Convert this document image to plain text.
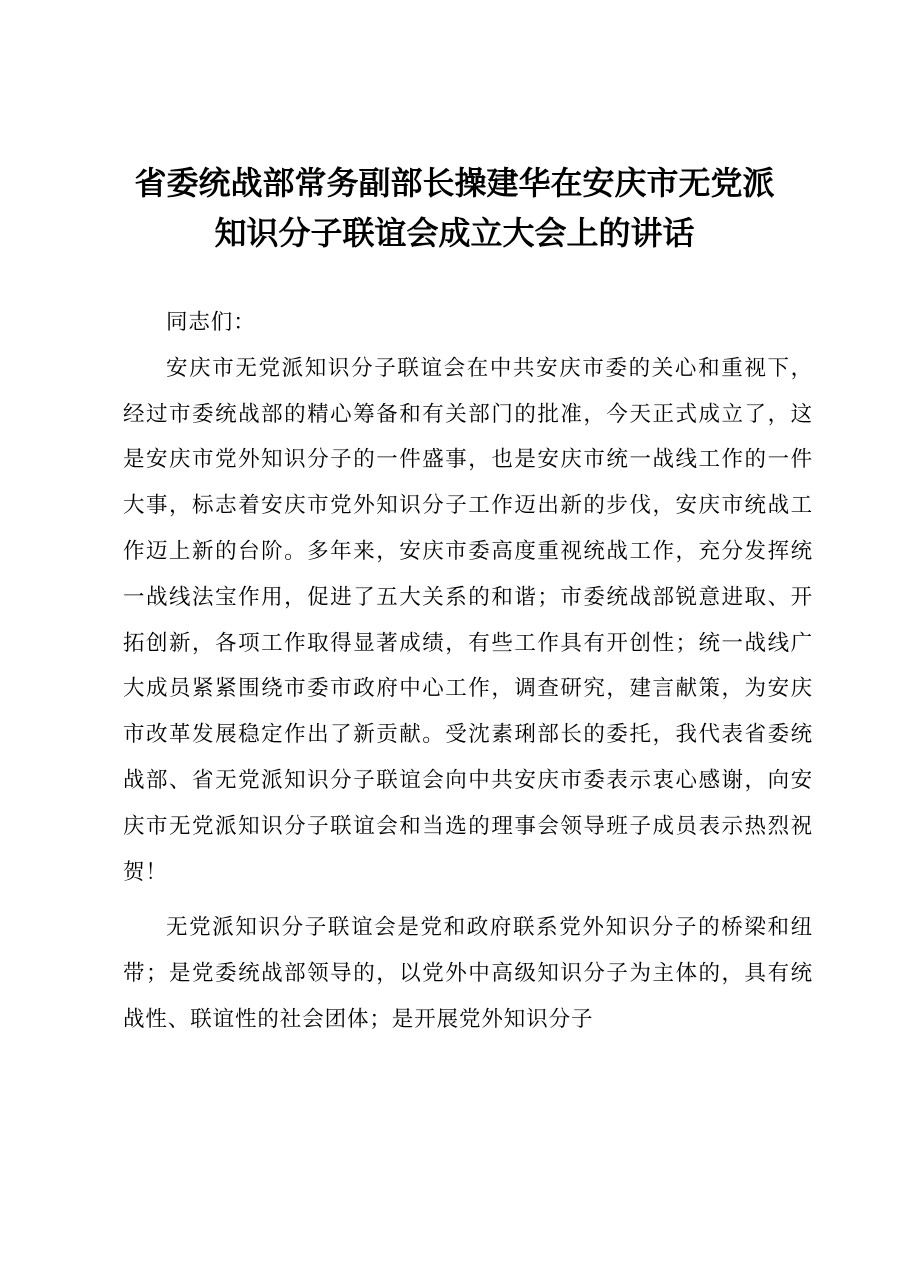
省委统战部常务副部长操建华在安庆市无党派
知识分子联谊会成立大会上的讲话

同志们：

安庆市无党派知识分子联谊会在中共安庆市委的关心和重视下，经过市委统战部的精心筹备和有关部门的批准，今天正式成立了，这是安庆市党外知识分子的一件盛事，也是安庆市统一战线工作的一件大事，标志着安庆市党外知识分子工作迈出新的步伐，安庆市统战工作迈上新的台阶。多年来，安庆市委高度重视统战工作，充分发挥统一战线法宝作用，促进了五大关系的和谐；市委统战部锐意进取、开拓创新，各项工作取得显著成绩，有些工作具有开创性；统一战线广大成员紧紧围绕市委市政府中心工作，调查研究，建言献策，为安庆市改革发展稳定作出了新贡献。受沈素琍部长的委托，我代表省委统战部、省无党派知识分子联谊会向中共安庆市委表示衷心感谢，向安庆市无党派知识分子联谊会和当选的理事会领导班子成员表示热烈祝贺！

无党派知识分子联谊会是党和政府联系党外知识分子的桥梁和纽带；是党委统战部领导的，以党外中高级知识分子为主体的，具有统战性、联谊性的社会团体；是开展党外知识分子
